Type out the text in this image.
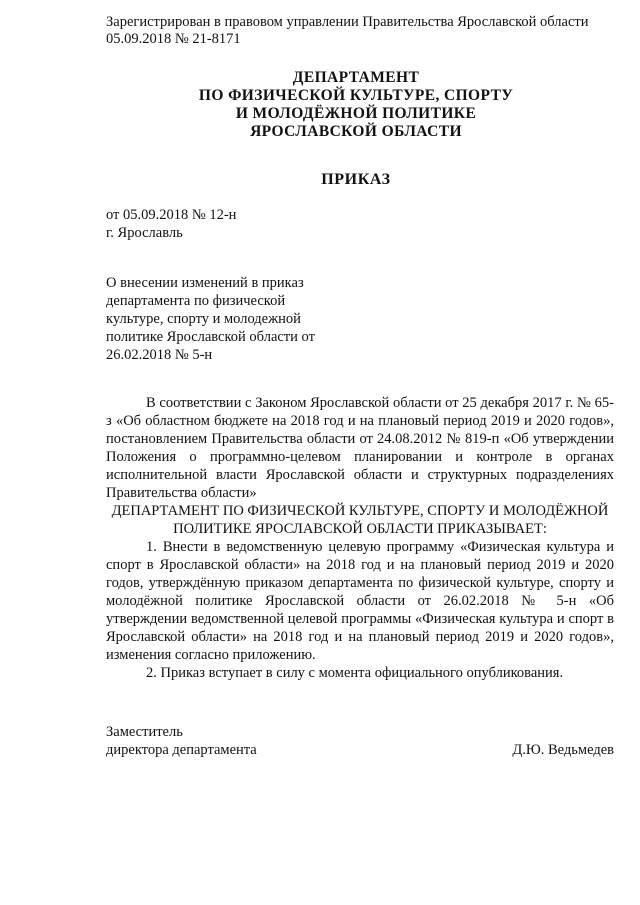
Зарегистрирован в правовом управлении Правительства Ярославской области
05.09.2018 № 21-8171
ДЕПАРТАМЕНТ
ПО ФИЗИЧЕСКОЙ КУЛЬТУРЕ, СПОРТУ
И МОЛОДЁЖНОЙ ПОЛИТИКЕ
ЯРОСЛАВСКОЙ ОБЛАСТИ
ПРИКАЗ
от 05.09.2018 № 12-н
г. Ярославль
О внесении изменений в приказ
департамента по физической
культуре, спорту и молодежной
политике Ярославской области от
26.02.2018 № 5-н

В соответствии с Законом Ярославской области от 25 декабря 2017 г. № 65-з «Об областном бюджете на 2018 год и на плановый период 2019 и 2020 годов», постановлением Правительства области от 24.08.2012 № 819-п «Об утверждении Положения о программно-целевом планировании и контроле в органах исполнительной власти Ярославской области и структурных подразделениях Правительства области»

ДЕПАРТАМЕНТ ПО ФИЗИЧЕСКОЙ КУЛЬТУРЕ, СПОРТУ И МОЛОДЁЖНОЙ ПОЛИТИКЕ ЯРОСЛАВСКОЙ ОБЛАСТИ ПРИКАЗЫВАЕТ:

1. Внести в ведомственную целевую программу «Физическая культура и спорт в Ярославской области» на 2018 год и на плановый период 2019 и 2020 годов, утверждённую приказом департамента по физической культуре, спорту и молодёжной политике Ярославской области от 26.02.2018 № 5-н «Об утверждении ведомственной целевой программы «Физическая культура и спорт в Ярославской области» на 2018 год и на плановый период 2019 и 2020 годов», изменения согласно приложению.

2. Приказ вступает в силу с момента официального опубликования.

Заместитель
директора департамента	Д.Ю. Ведьмедев
